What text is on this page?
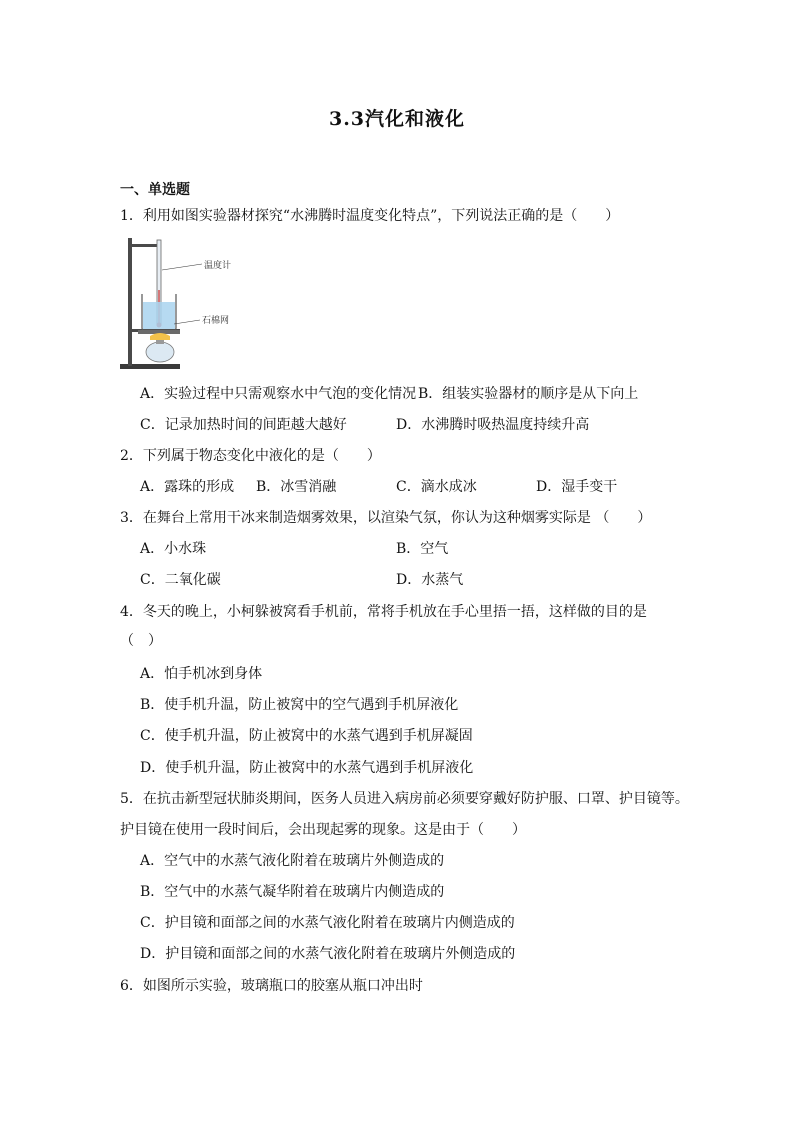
3.3汽化和液化
一、单选题
1．利用如图实验器材探究“水沸腾时温度变化特点”，下列说法正确的是（　　）
温度计
石棉网
A．实验过程中只需观察水中气泡的变化情况 B．组装实验器材的顺序是从下向上
C．记录加热时间的间距越大越好	D．水沸腾时吸热温度持续升高
2．下列属于物态变化中液化的是（　　）
A．露珠的形成 B．冰雪消融	C．滴水成冰	D．湿手变干
3．在舞台上常用干冰来制造烟雾效果，以渲染气氛，你认为这种烟雾实际是 （　　）
A．小水珠	B．空气
C．二氧化碳	D．水蒸气
4．冬天的晚上，小柯躲被窝看手机前，常将手机放在手心里捂一捂，这样做的目的是
（　）
A．怕手机冰到身体
B．使手机升温，防止被窝中的空气遇到手机屏液化
C．使手机升温，防止被窝中的水蒸气遇到手机屏凝固
D．使手机升温，防止被窝中的水蒸气遇到手机屏液化
5．在抗击新型冠状肺炎期间，医务人员进入病房前必须要穿戴好防护服、口罩、护目镜等。
护目镜在使用一段时间后，会出现起雾的现象。这是由于（　　）
A．空气中的水蒸气液化附着在玻璃片外侧造成的
B．空气中的水蒸气凝华附着在玻璃片内侧造成的
C．护目镜和面部之间的水蒸气液化附着在玻璃片内侧造成的
D．护目镜和面部之间的水蒸气液化附着在玻璃片外侧造成的
6．如图所示实验，玻璃瓶口的胶塞从瓶口冲出时
